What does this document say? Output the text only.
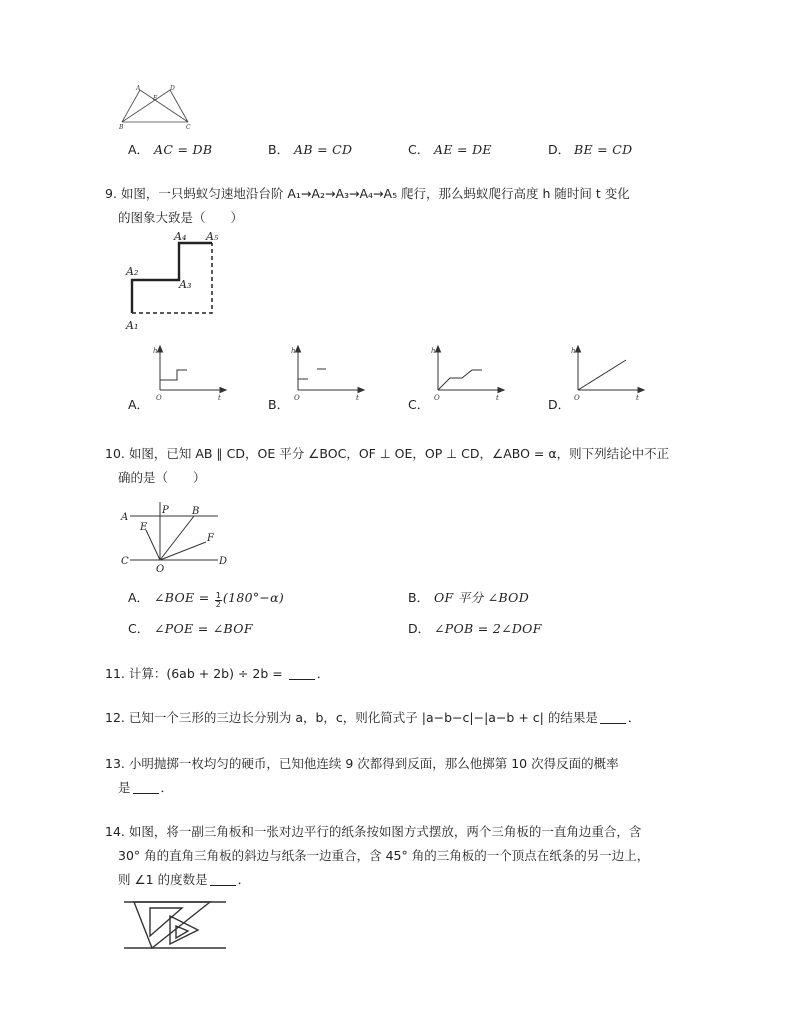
A	D
E
B	C
A． AC = DB	B． AB = CD	C． AE = DE	D． BE = CD
9. 如图，一只蚂蚁匀速地沿台阶 A₁→A₂→A₃→A₄→A₅ 爬行，那么蚂蚁爬行高度 h 随时间 t 变化
的图象大致是（　　）
A₄ A₅
A₂
A₃
A₁
A．
h
O	t	B．
h
O	t	C．
h
O	t	D．
h
O	t
10. 如图，已知 AB ∥ CD，OE 平分 ∠BOC，OF ⊥ OE，OP ⊥ CD，∠ABO = α，则下列结论中不正
确的是（　　）
A
P B
E
F
C
O
D
A． ∠BOE = $\frac{1}{2} (180^\circ-\alpha)$	B． OF 平分 ∠BOD
C． ∠POE = ∠BOF	D． ∠POB = 2∠DOF
11. 计算：(6ab + 2b) ÷ 2b = ．
12. 已知一个三形的三边长分别为 a，b，c，则化简式子 |a−b−c|−|a−b + c| 的结果是 ．
13. 小明抛掷一枚均匀的硬币，已知他连续 9 次都得到反面，那么他掷第 10 次得反面的概率
是 ．
14. 如图，将一副三角板和一张对边平行的纸条按如图方式摆放，两个三角板的一直角边重合，含
30° 角的直角三角板的斜边与纸条一边重合，含 45° 角的三角板的一个顶点在纸条的另一边上，
则 ∠1 的度数是 ．
